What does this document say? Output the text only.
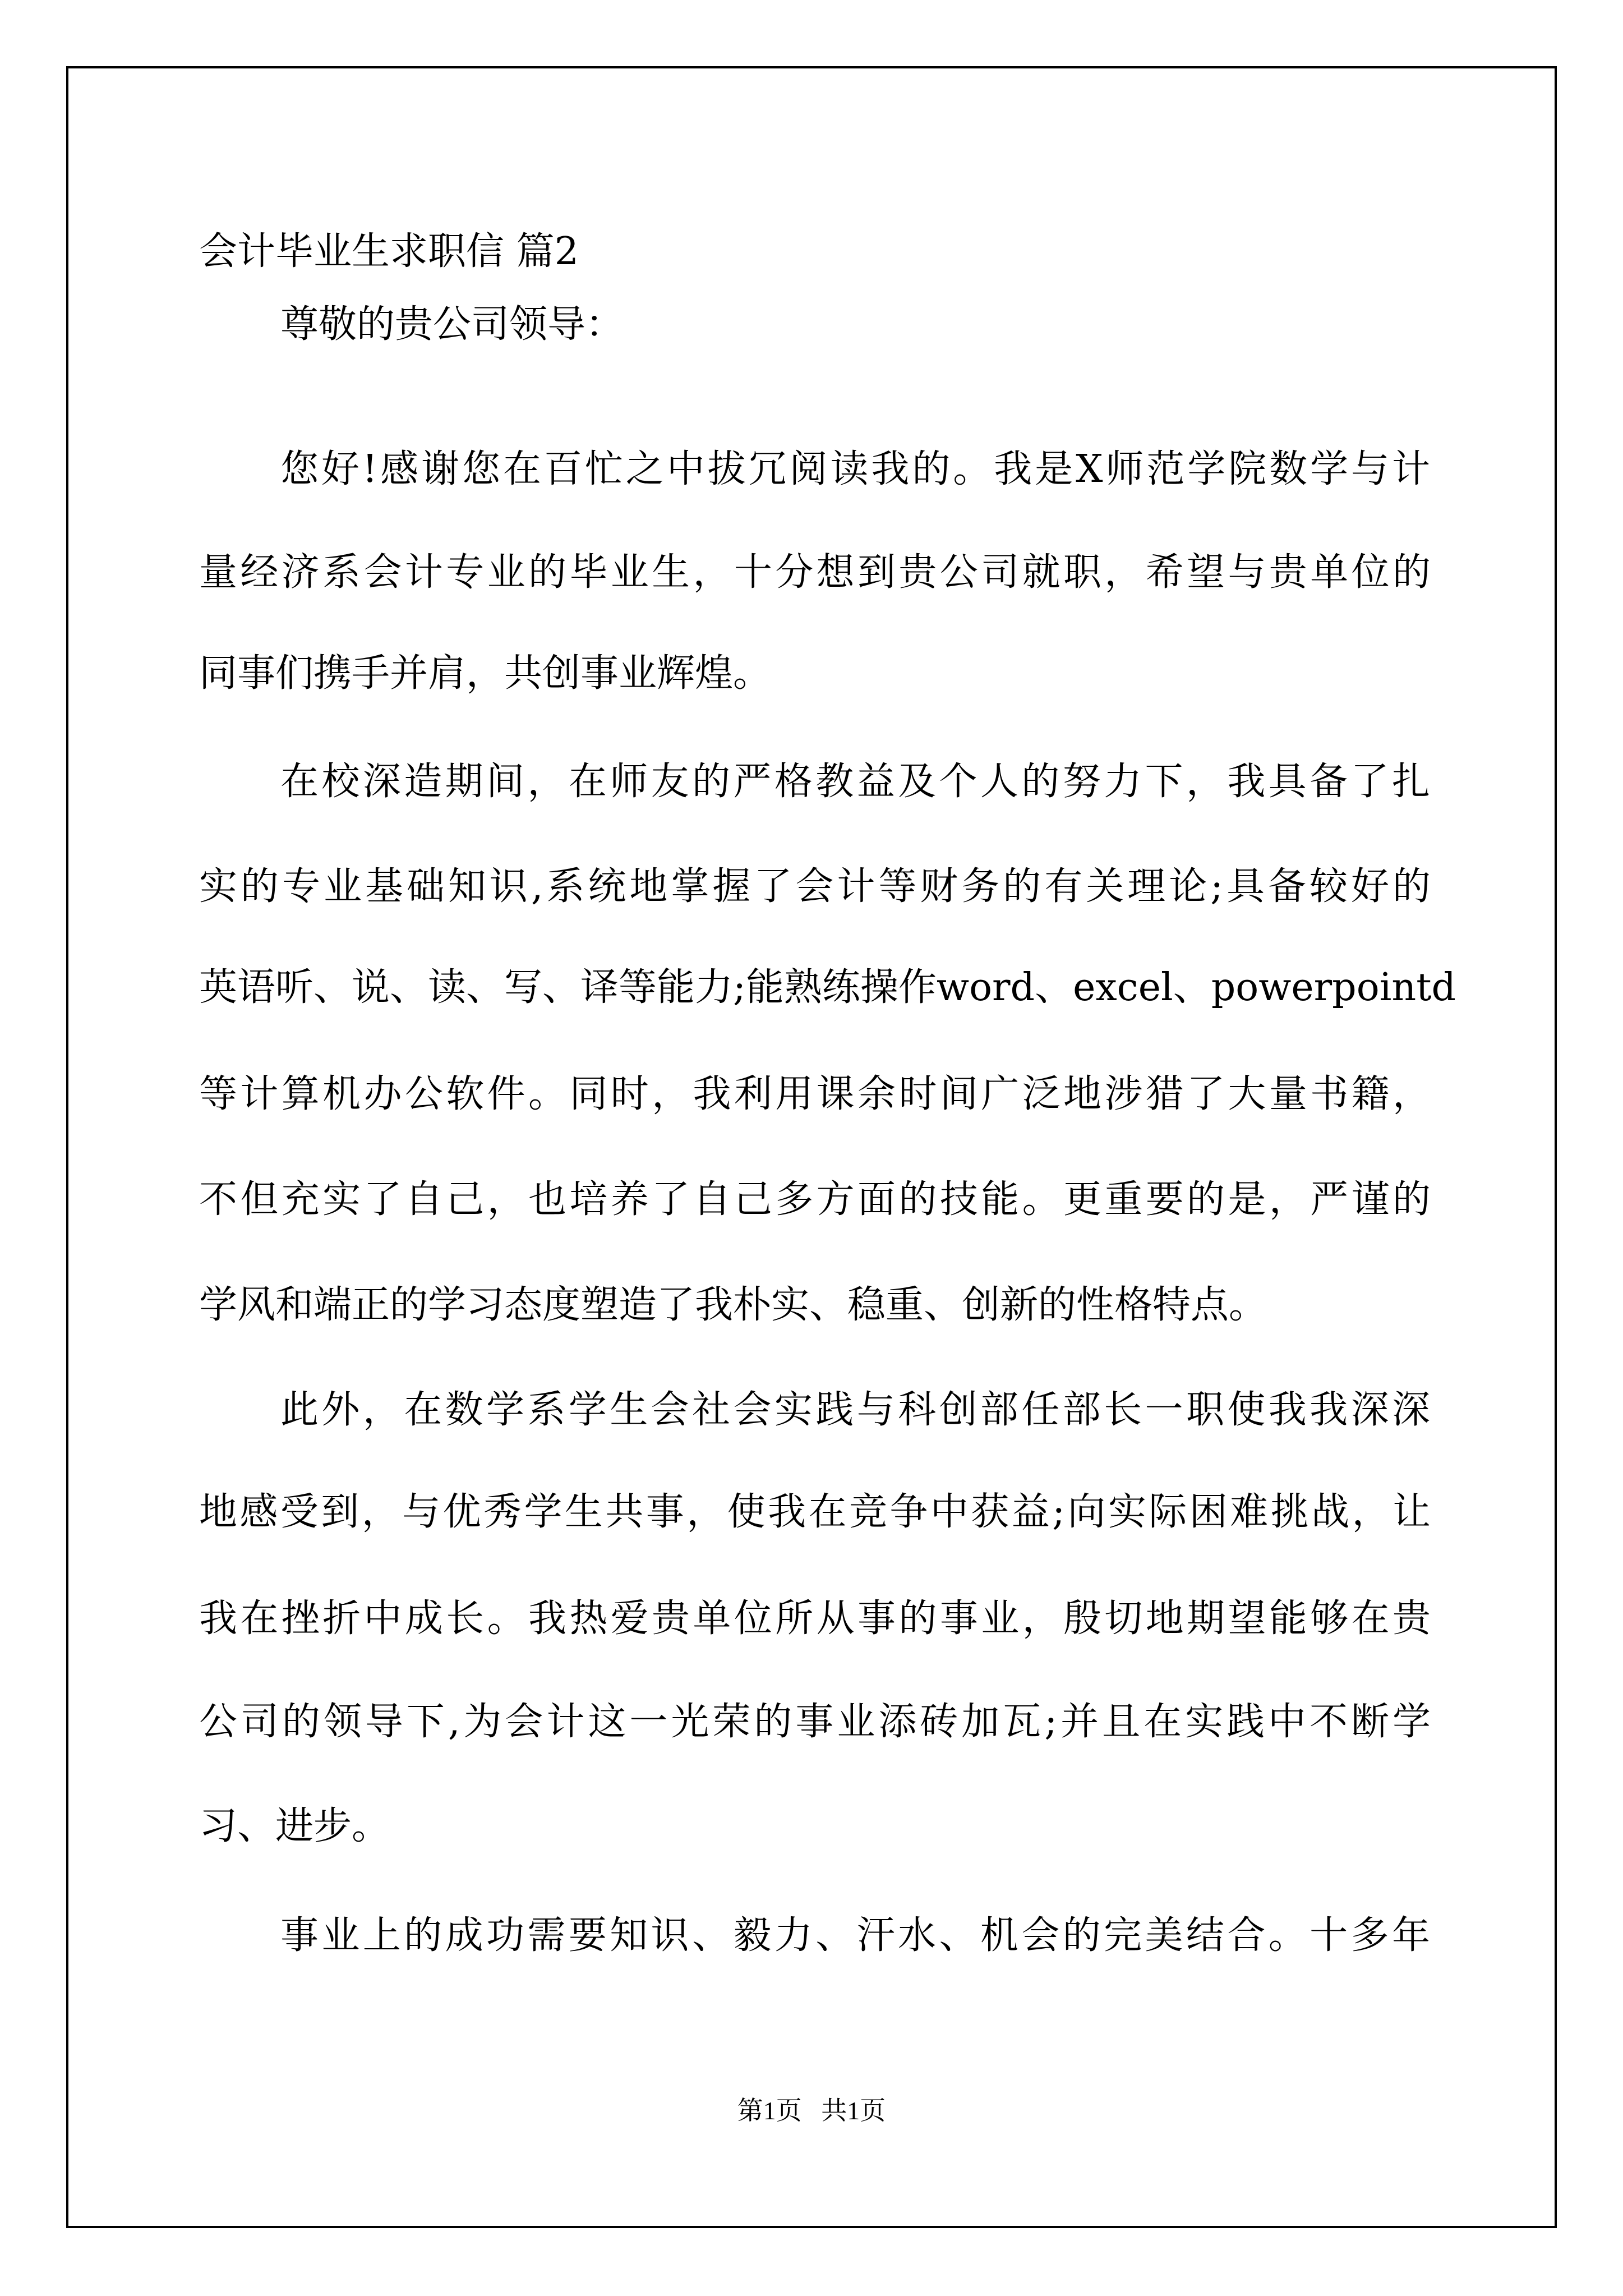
会计毕业生求职信 篇2

尊敬的贵公司领导：

您好!感谢您在百忙之中拔冗阅读我的。我是X师范学院数学与计

量经济系会计专业的毕业生，十分想到贵公司就职，希望与贵单位的

同事们携手并肩，共创事业辉煌。

在校深造期间，在师友的严格教益及个人的努力下，我具备了扎

实的专业基础知识,系统地掌握了会计等财务的有关理论;具备较好的

英语听、说、读、写、译等能力;能熟练操作word、excel、powerpointd

等计算机办公软件。同时，我利用课余时间广泛地涉猎了大量书籍，

不但充实了自己，也培养了自己多方面的技能。更重要的是，严谨的

学风和端正的学习态度塑造了我朴实、稳重、创新的性格特点。

此外，在数学系学生会社会实践与科创部任部长一职使我我深深

地感受到，与优秀学生共事，使我在竞争中获益;向实际困难挑战，让

我在挫折中成长。我热爱贵单位所从事的事业，殷切地期望能够在贵

公司的领导下,为会计这一光荣的事业添砖加瓦;并且在实践中不断学

习、进步。

事业上的成功需要知识、毅力、汗水、机会的完美结合。十多年

第1页   共1页
